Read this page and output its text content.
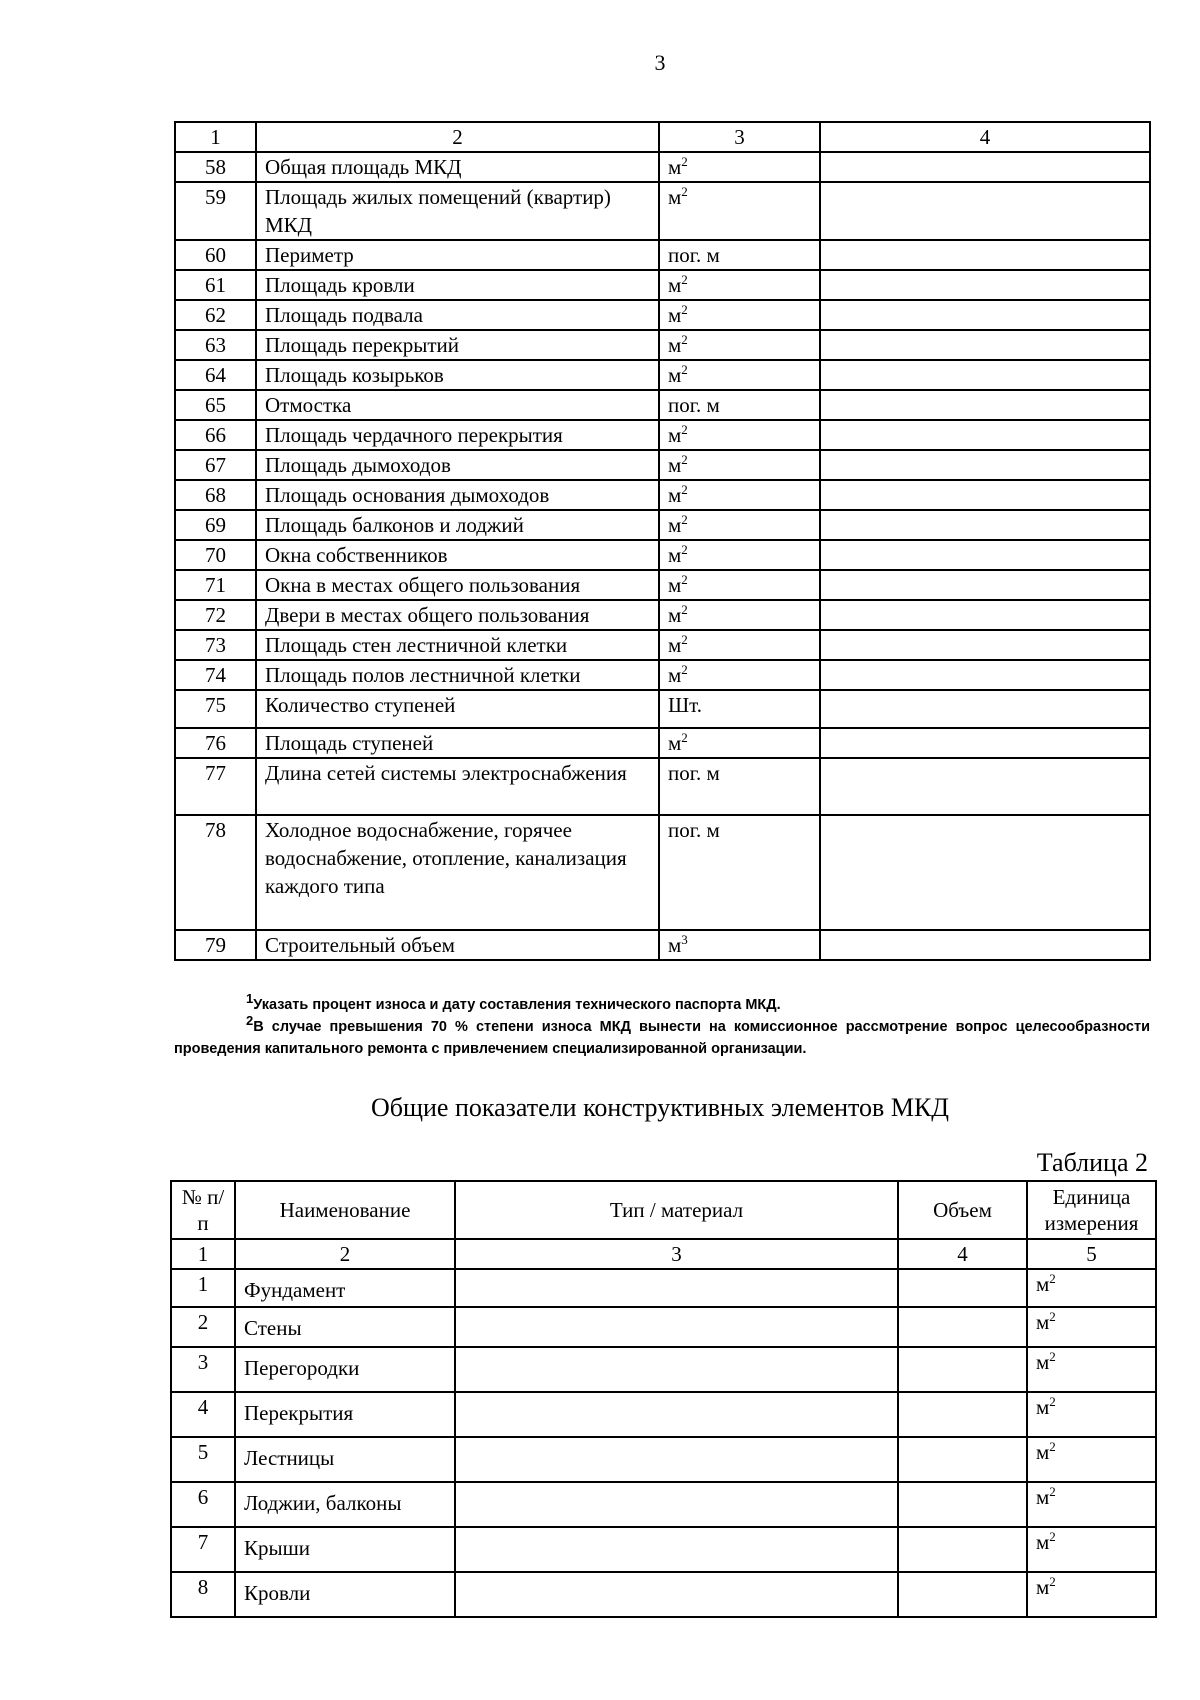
3
1	2	3	4
58	Общая площадь МКД	$м^2$	
59	Площадь жилых помещений (квартир) МКД	$м^2$	
60	Периметр	пог. м	
61	Площадь кровли	$м^2$	
62	Площадь подвала	$м^2$	
63	Площадь перекрытий	$м^2$	
64	Площадь козырьков	$м^2$	
65	Отмостка	пог. м	
66	Площадь чердачного перекрытия	$м^2$	
67	Площадь дымоходов	$м^2$	
68	Площадь основания дымоходов	$м^2$	
69	Площадь балконов и лоджий	$м^2$	
70	Окна собственников	$м^2$	
71	Окна в местах общего пользования	$м^2$	
72	Двери в местах общего пользования	$м^2$	
73	Площадь стен лестничной клетки	$м^2$	
74	Площадь полов лестничной клетки	$м^2$	
75	Количество ступеней	Шт.	
76	Площадь ступеней	$м^2$	
77	Длина сетей системы электроснабжения	пог. м	
78	Холодное водоснабжение, горячее водоснабжение, отопление, канализация каждого типа	пог. м	
79	Строительный объем	$м^3$	
$^1$Указать процент износа и дату составления технического паспорта МКД.
$^2$В случае превышения 70 % степени износа МКД вынести на комиссионное рассмотрение вопрос целесообразности проведения капитального ремонта с привлечением специализированной организации.
Общие показатели конструктивных элементов МКД
Таблица 2
№ п/п	Наименование	Тип / материал	Объем	Единица измерения
1	2	3	4	5
1	Фундамент			$м^2$
2	Стены			$м^2$
3	Перегородки			$м^2$
4	Перекрытия			$м^2$
5	Лестницы			$м^2$
6	Лоджии, балконы			$м^2$
7	Крыши			$м^2$
8	Кровли			$м^2$
